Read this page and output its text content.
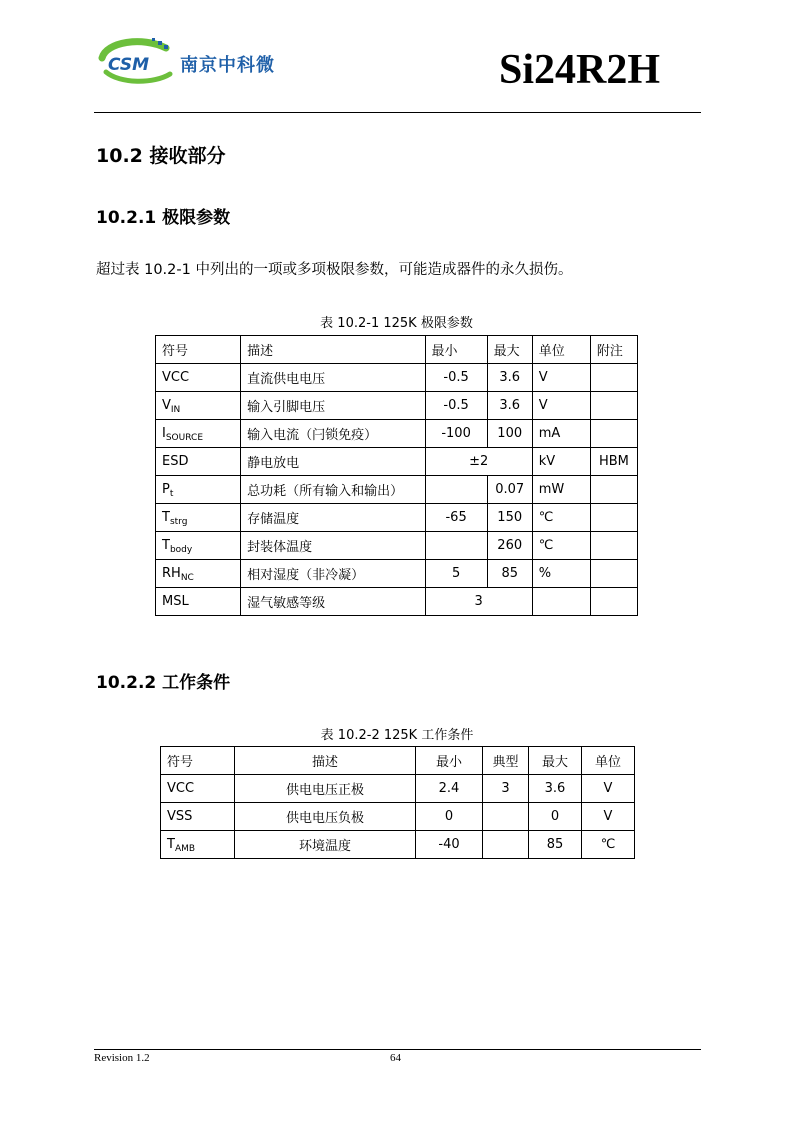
CSM 南京中科微	Si24R2H
10.2 接收部分
10.2.1 极限参数
超过表 10.2-1 中列出的一项或多项极限参数，可能造成器件的永久损伤。
表 10.2-1 125K 极限参数
符号	描述	最小	最大	单位	附注
VCC	直流供电电压	-0.5	3.6	V	
$V_{IN}$	输入引脚电压	-0.5	3.6	V	
$I_{SOURCE}$	输入电流（闩锁免疫）	-100	100	mA	
ESD	静电放电	±2		kV	HBM
$P_t$	总功耗（所有输入和输出）		0.07	mW	
$T_{strg}$	存储温度	-65	150	℃	
$T_{body}$	封装体温度		260	℃	
$RH_{NC}$	相对湿度（非冷凝）	5	85	%	
MSL	湿气敏感等级	3			
10.2.2 工作条件
表 10.2-2 125K 工作条件
符号	描述	最小	典型	最大	单位
VCC	供电电压正极	2.4	3	3.6	V
VSS	供电电压负极	0		0	V
$T_{AMB}$	环境温度	-40		85	℃
Revision 1.2	64
